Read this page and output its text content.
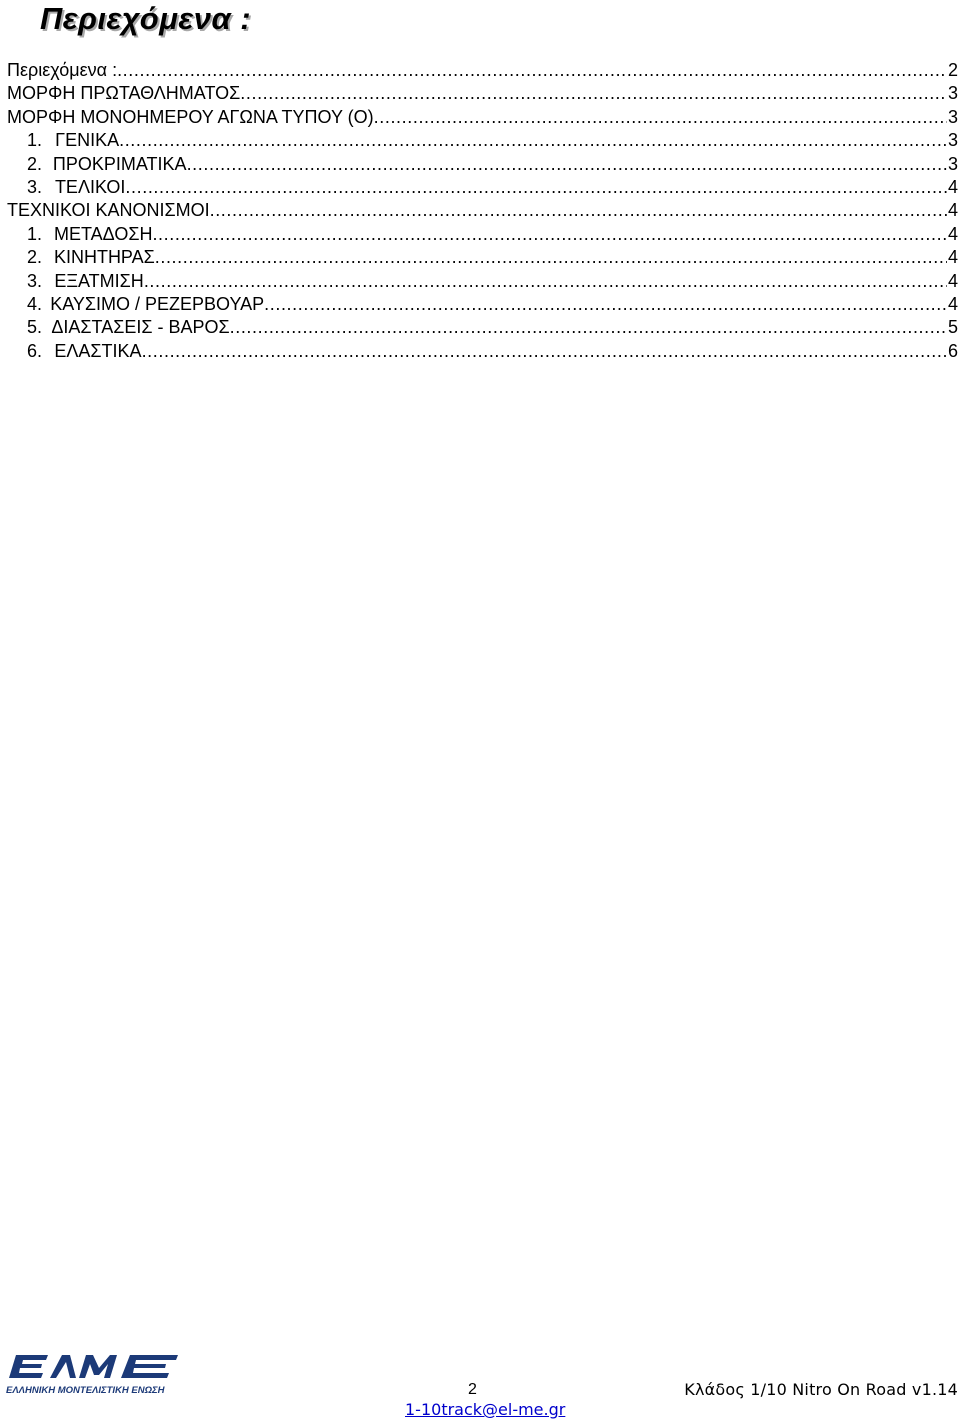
Περιεχόμενα :
Περιεχόμενα : .....	2
ΜΟΡΦΗ ΠΡΩΤΑΘΛΗΜΑΤΟΣ .....	3
ΜΟΡΦΗ ΜΟΝΟΗΜΕΡΟΥ ΑΓΩΝΑ ΤΥΠΟΥ (Ο) .....	3
1. ΓΕΝΙΚΑ .....	3
2. ΠΡΟΚΡΙΜΑΤΙΚΑ .....	3
3. ΤΕΛΙΚΟΙ .....	4
ΤΕΧΝΙΚΟΙ ΚΑΝΟΝΙΣΜΟΙ .....	4
1. ΜΕΤΑΔΟΣΗ .....	4
2. ΚΙΝΗΤΗΡΑΣ .....	4
3. ΕΞΑΤΜΙΣΗ .....	4
4. ΚΑΥΣΙΜΟ / ΡΕΖΕΡΒΟΥΑΡ .....	4
5. ΔΙΑΣΤΑΣΕΙΣ - ΒΑΡΟΣ .....	5
6. ΕΛΑΣΤΙΚΑ .....	6
ΕΛΛΗΝΙΚΗ ΜΟΝΤΕΛΙΣΤΙΚΗ ΕΝΩΣΗ	2	Κλάδος 1/10 Nitro On Road v1.14
1-10track@el-me.gr
